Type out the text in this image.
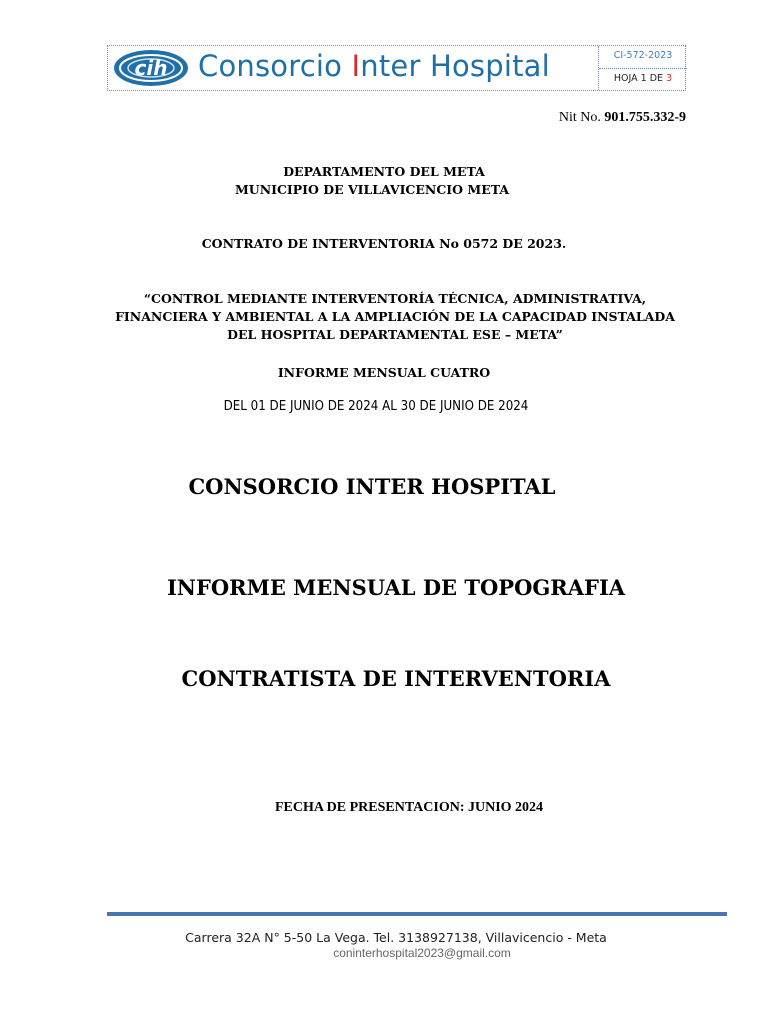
cih Consorcio Inter Hospital	CI-572-2023
HOJA 1 DE 3
Nit No. 901.755.332-9
DEPARTAMENTO DEL META
MUNICIPIO DE VILLAVICENCIO META
CONTRATO DE INTERVENTORIA No 0572 DE 2023.
“CONTROL MEDIANTE INTERVENTORÍA TÉCNICA, ADMINISTRATIVA, FINANCIERA Y AMBIENTAL A LA AMPLIACIÓN DE LA CAPACIDAD INSTALADA DEL HOSPITAL DEPARTAMENTAL ESE – META”
INFORME MENSUAL CUATRO
DEL 01 DE JUNIO DE 2024 AL 30 DE JUNIO DE 2024
CONSORCIO INTER HOSPITAL
INFORME MENSUAL DE TOPOGRAFIA
CONTRATISTA DE INTERVENTORIA
FECHA DE PRESENTACION: JUNIO 2024
Carrera 32A N° 5-50 La Vega. Tel. 3138927138, Villavicencio - Meta
coninterhospital2023@gmail.com
